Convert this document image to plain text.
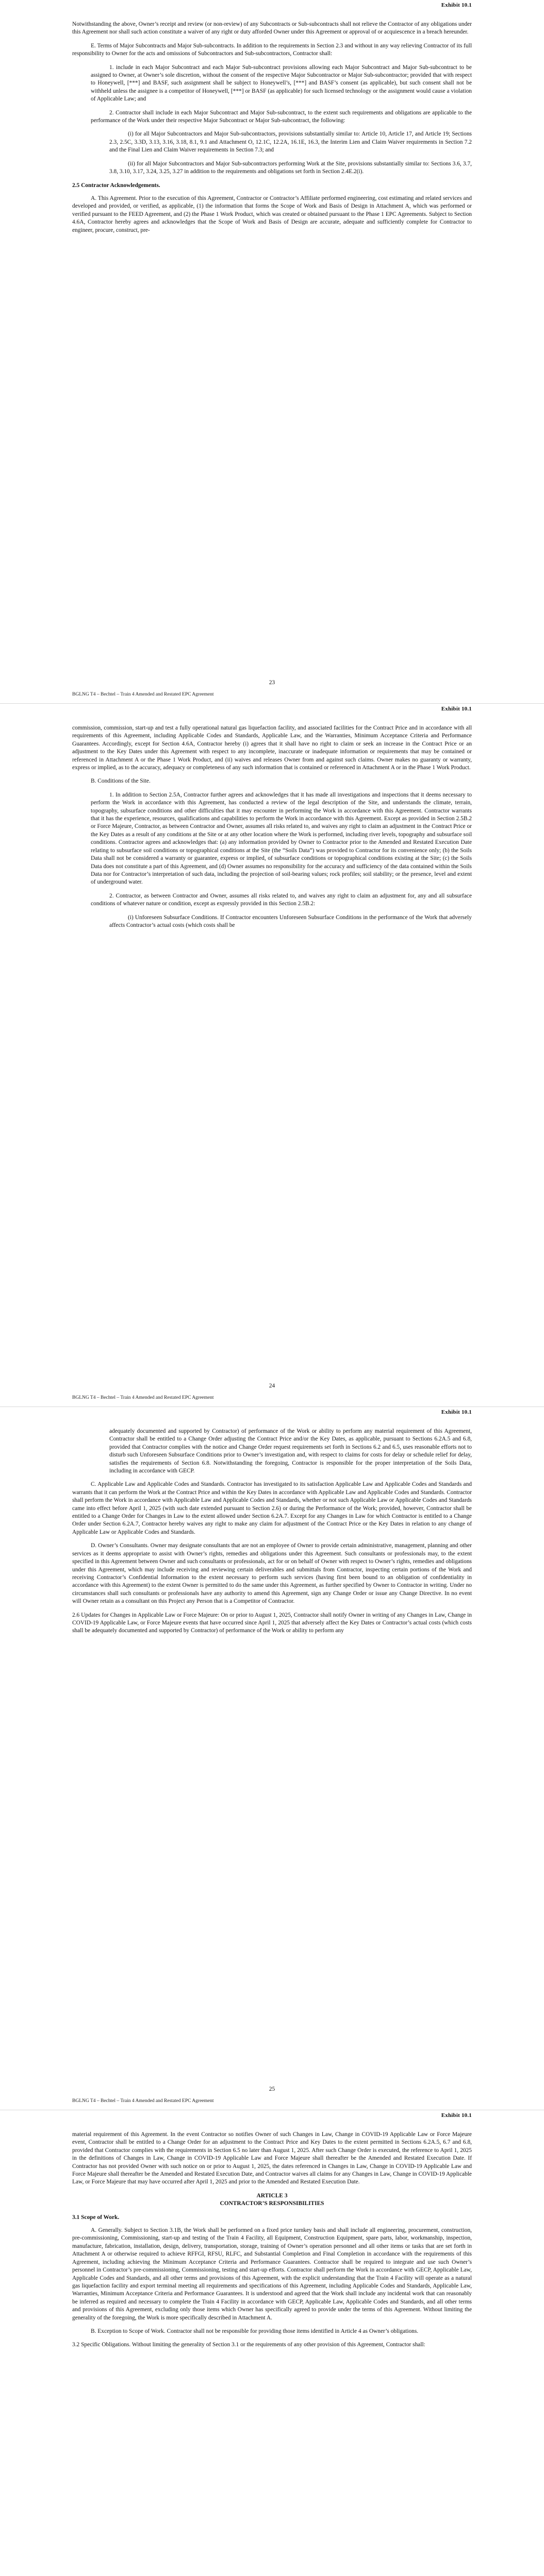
Exhibit 10.1

Notwithstanding the above, Owner’s receipt and review (or non-review) of any Subcontracts or Sub-subcontracts shall not relieve the Contractor of any obligations under this Agreement nor shall such action constitute a waiver of any right or duty afforded Owner under this Agreement or approval of or acquiescence in a breach hereunder.

E. Terms of Major Subcontracts and Major Sub-subcontracts. In addition to the requirements in Section 2.3 and without in any way relieving Contractor of its full responsibility to Owner for the acts and omissions of Subcontractors and Sub-subcontractors, Contractor shall:

1. include in each Major Subcontract and each Major Sub-subcontract provisions allowing each Major Subcontract and Major Sub-subcontract to be assigned to Owner, at Owner’s sole discretion, without the consent of the respective Major Subcontractor or Major Sub-subcontractor; provided that with respect to Honeywell, [***] and BASF, such assignment shall be subject to Honeywell’s, [***] and BASF’s consent (as applicable), but such consent shall not be withheld unless the assignee is a competitor of Honeywell, [***] or BASF (as applicable) for such licensed technology or the assignment would cause a violation of Applicable Law; and

2. Contractor shall include in each Major Subcontract and Major Sub-subcontract, to the extent such requirements and obligations are applicable to the performance of the Work under their respective Major Subcontract or Major Sub-subcontract, the following:

(i) for all Major Subcontractors and Major Sub-subcontractors, provisions substantially similar to: Article 10, Article 17, and Article 19; Sections 2.3, 2.5C, 3.3D, 3.13, 3.16, 3.18, 8.1, 9.1 and Attachment O, 12.1C, 12.2A, 16.1E, 16.3, the Interim Lien and Claim Waiver requirements in Section 7.2 and the Final Lien and Claim Waiver requirements in Section 7.3; and

(ii) for all Major Subcontractors and Major Sub-subcontractors performing Work at the Site, provisions substantially similar to: Sections 3.6, 3.7, 3.8, 3.10, 3.17, 3.24, 3.25, 3.27 in addition to the requirements and obligations set forth in Section 2.4E.2(i).

2.5 Contractor Acknowledgements.

A. This Agreement. Prior to the execution of this Agreement, Contractor or Contractor’s Affiliate performed engineering, cost estimating and related services and developed and provided, or verified, as applicable, (1) the information that forms the Scope of Work and Basis of Design in Attachment A, which was performed or verified pursuant to the FEED Agreement, and (2) the Phase 1 Work Product, which was created or obtained pursuant to the Phase 1 EPC Agreements. Subject to Section 4.6A, Contractor hereby agrees and acknowledges that the Scope of Work and Basis of Design are accurate, adequate and sufficiently complete for Contractor to engineer, procure, construct, pre-

23
BGLNG T4 – Bechtel – Train 4 Amended and Restated EPC Agreement
Exhibit 10.1

commission, commission, start-up and test a fully operational natural gas liquefaction facility, and associated facilities for the Contract Price and in accordance with all requirements of this Agreement, including Applicable Codes and Standards, Applicable Law, and the Warranties, Minimum Acceptance Criteria and Performance Guarantees. Accordingly, except for Section 4.6A, Contractor hereby (i) agrees that it shall have no right to claim or seek an increase in the Contract Price or an adjustment to the Key Dates under this Agreement with respect to any incomplete, inaccurate or inadequate information or requirements that may be contained or referenced in Attachment A or the Phase 1 Work Product, and (ii) waives and releases Owner from and against such claims. Owner makes no guaranty or warranty, express or implied, as to the accuracy, adequacy or completeness of any such information that is contained or referenced in Attachment A or in the Phase 1 Work Product.

B. Conditions of the Site.

1. In addition to Section 2.5A, Contractor further agrees and acknowledges that it has made all investigations and inspections that it deems necessary to perform the Work in accordance with this Agreement, has conducted a review of the legal description of the Site, and understands the climate, terrain, topography, subsurface conditions and other difficulties that it may encounter in performing the Work in accordance with this Agreement. Contractor warrants that it has the experience, resources, qualifications and capabilities to perform the Work in accordance with this Agreement. Except as provided in Section 2.5B.2 or Force Majeure, Contractor, as between Contractor and Owner, assumes all risks related to, and waives any right to claim an adjustment in the Contract Price or the Key Dates as a result of any conditions at the Site or at any other location where the Work is performed, including river levels, topography and subsurface soil conditions. Contractor agrees and acknowledges that: (a) any information provided by Owner to Contractor prior to the Amended and Restated Execution Date relating to subsurface soil conditions or topographical conditions at the Site (the “Soils Data”) was provided to Contractor for its convenience only; (b) the Soils Data shall not be considered a warranty or guarantee, express or implied, of subsurface conditions or topographical conditions existing at the Site; (c) the Soils Data does not constitute a part of this Agreement, and (d) Owner assumes no responsibility for the accuracy and sufficiency of the data contained within the Soils Data nor for Contractor’s interpretation of such data, including the projection of soil-bearing values; rock profiles; soil stability; or the presence, level and extent of underground water.

2. Contractor, as between Contractor and Owner, assumes all risks related to, and waives any right to claim an adjustment for, any and all subsurface conditions of whatever nature or condition, except as expressly provided in this Section 2.5B.2:

(i) Unforeseen Subsurface Conditions. If Contractor encounters Unforeseen Subsurface Conditions in the performance of the Work that adversely affects Contractor’s actual costs (which costs shall be

24
BGLNG T4 – Bechtel – Train 4 Amended and Restated EPC Agreement
Exhibit 10.1

adequately documented and supported by Contractor) of performance of the Work or ability to perform any material requirement of this Agreement, Contractor shall be entitled to a Change Order adjusting the Contract Price and/or the Key Dates, as applicable, pursuant to Sections 6.2A.5 and 6.8, provided that Contractor complies with the notice and Change Order request requirements set forth in Sections 6.2 and 6.5, uses reasonable efforts not to disturb such Unforeseen Subsurface Conditions prior to Owner’s investigation and, with respect to claims for costs for delay or schedule relief for delay, satisfies the requirements of Section 6.8. Notwithstanding the foregoing, Contractor is responsible for the proper interpretation of the Soils Data, including in accordance with GECP.

C. Applicable Law and Applicable Codes and Standards. Contractor has investigated to its satisfaction Applicable Law and Applicable Codes and Standards and warrants that it can perform the Work at the Contract Price and within the Key Dates in accordance with Applicable Law and Applicable Codes and Standards. Contractor shall perform the Work in accordance with Applicable Law and Applicable Codes and Standards, whether or not such Applicable Law or Applicable Codes and Standards came into effect before April 1, 2025 (with such date extended pursuant to Section 2.6) or during the Performance of the Work; provided, however, Contractor shall be entitled to a Change Order for Changes in Law to the extent allowed under Section 6.2A.7. Except for any Changes in Law for which Contractor is entitled to a Change Order under Section 6.2A.7, Contractor hereby waives any right to make any claim for adjustment of the Contract Price or the Key Dates in relation to any change of Applicable Law or Applicable Codes and Standards.

D. Owner’s Consultants. Owner may designate consultants that are not an employee of Owner to provide certain administrative, management, planning and other services as it deems appropriate to assist with Owner’s rights, remedies and obligations under this Agreement. Such consultants or professionals may, to the extent specified in this Agreement between Owner and such consultants or professionals, act for or on behalf of Owner with respect to Owner’s rights, remedies and obligations under this Agreement, which may include receiving and reviewing certain deliverables and submittals from Contractor, inspecting certain portions of the Work and receiving Contractor’s Confidential Information to the extent necessary to perform such services (having first been bound to an obligation of confidentiality in accordance with this Agreement) to the extent Owner is permitted to do the same under this Agreement, as further specified by Owner to Contractor in writing. Under no circumstances shall such consultants or professionals have any authority to amend this Agreement, sign any Change Order or issue any Change Directive. In no event will Owner retain as a consultant on this Project any Person that is a Competitor of Contractor.

2.6 Updates for Changes in Applicable Law or Force Majeure: On or prior to August 1, 2025, Contractor shall notify Owner in writing of any Changes in Law, Change in COVID-19 Applicable Law, or Force Majeure events that have occurred since April 1, 2025 that adversely affect the Key Dates or Contractor’s actual costs (which costs shall be adequately documented and supported by Contractor) of performance of the Work or ability to perform any

25
BGLNG T4 – Bechtel – Train 4 Amended and Restated EPC Agreement
Exhibit 10.1

material requirement of this Agreement. In the event Contractor so notifies Owner of such Changes in Law, Change in COVID-19 Applicable Law or Force Majeure event, Contractor shall be entitled to a Change Order for an adjustment to the Contract Price and Key Dates to the extent permitted in Sections 6.2A.5, 6.7 and 6.8, provided that Contractor complies with the requirements in Section 6.5 no later than August 1, 2025. After such Change Order is executed, the reference to April 1, 2025 in the definitions of Changes in Law, Change in COVID-19 Applicable Law and Force Majeure shall thereafter be the Amended and Restated Execution Date. If Contractor has not provided Owner with such notice on or prior to August 1, 2025, the dates referenced in Changes in Law, Change in COVID-19 Applicable Law and Force Majeure shall thereafter be the Amended and Restated Execution Date, and Contractor waives all claims for any Changes in Law, Change in COVID-19 Applicable Law, or Force Majeure that may have occurred after April 1, 2025 and prior to the Amended and Restated Execution Date.

ARTICLE 3
CONTRACTOR’S RESPONSIBILITIES

3.1 Scope of Work.

A. Generally. Subject to Section 3.1B, the Work shall be performed on a fixed price turnkey basis and shall include all engineering, procurement, construction, pre-commissioning, Commissioning, start-up and testing of the Train 4 Facility, all Equipment, Construction Equipment, spare parts, labor, workmanship, inspection, manufacture, fabrication, installation, design, delivery, transportation, storage, training of Owner’s operation personnel and all other items or tasks that are set forth in Attachment A or otherwise required to achieve RFFGI, RFSU, RLFC, and Substantial Completion and Final Completion in accordance with the requirements of this Agreement, including achieving the Minimum Acceptance Criteria and Performance Guarantees. Contractor shall be required to integrate and use such Owner’s personnel in Contractor’s pre-commissioning, Commissioning, testing and start-up efforts. Contractor shall perform the Work in accordance with GECP, Applicable Law, Applicable Codes and Standards, and all other terms and provisions of this Agreement, with the explicit understanding that the Train 4 Facility will operate as a natural gas liquefaction facility and export terminal meeting all requirements and specifications of this Agreement, including Applicable Codes and Standards, Applicable Law, Warranties, Minimum Acceptance Criteria and Performance Guarantees. It is understood and agreed that the Work shall include any incidental work that can reasonably be inferred as required and necessary to complete the Train 4 Facility in accordance with GECP, Applicable Law, Applicable Codes and Standards, and all other terms and provisions of this Agreement, excluding only those items which Owner has specifically agreed to provide under the terms of this Agreement. Without limiting the generality of the foregoing, the Work is more specifically described in Attachment A.

B. Exception to Scope of Work. Contractor shall not be responsible for providing those items identified in Article 4 as Owner’s obligations.

3.2 Specific Obligations. Without limiting the generality of Section 3.1 or the requirements of any other provision of this Agreement, Contractor shall:
